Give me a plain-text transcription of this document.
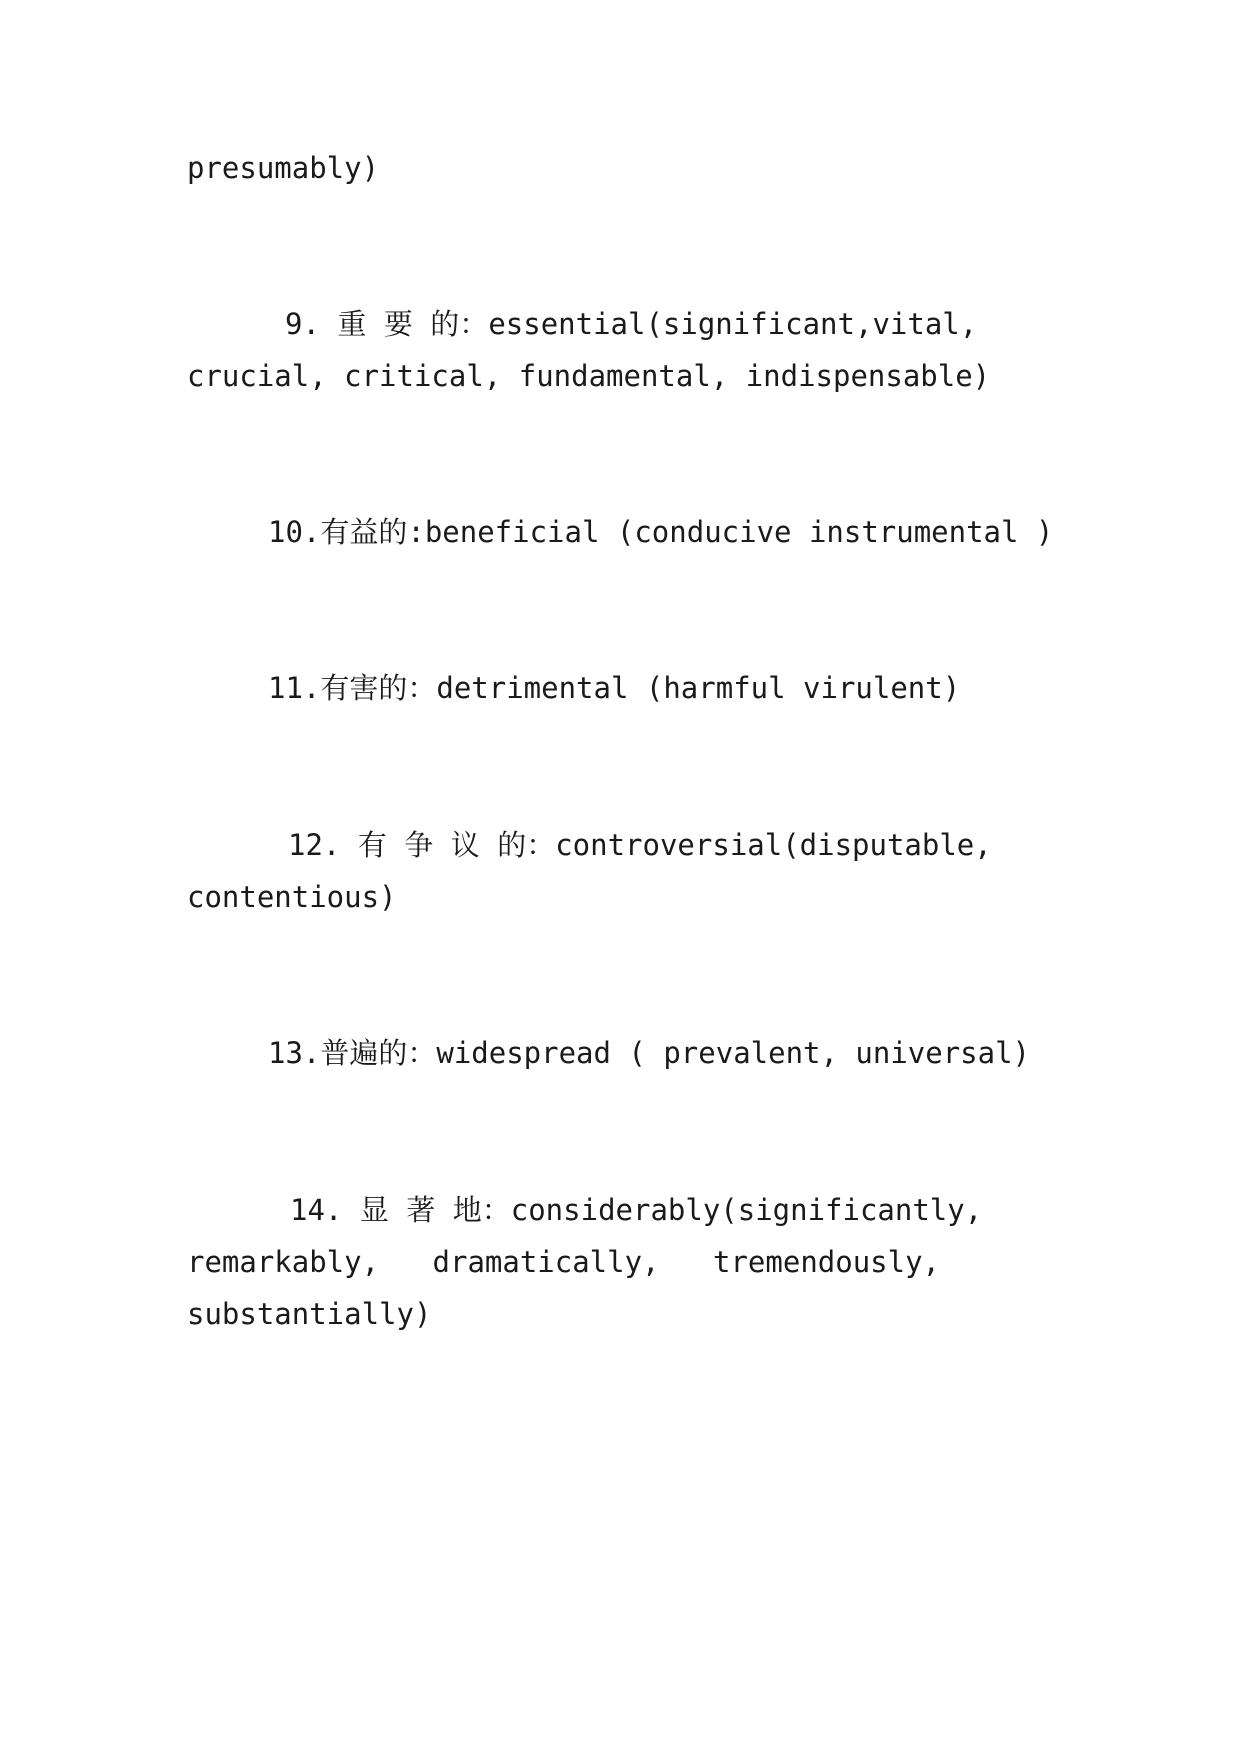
presumably)
9. 重 要 的： essential (significant, vital,
crucial, critical, fundamental, indispensable)
10.有益的:beneficial (conducive instrumental )
11.有害的：detrimental (harmful virulent)
12. 有 争 议 的： controversial (disputable,
contentious)
13.普遍的：widespread ( prevalent, universal)
14. 显 著 地： considerably (significantly,
remarkably, dramatically, tremendously,
substantially)
